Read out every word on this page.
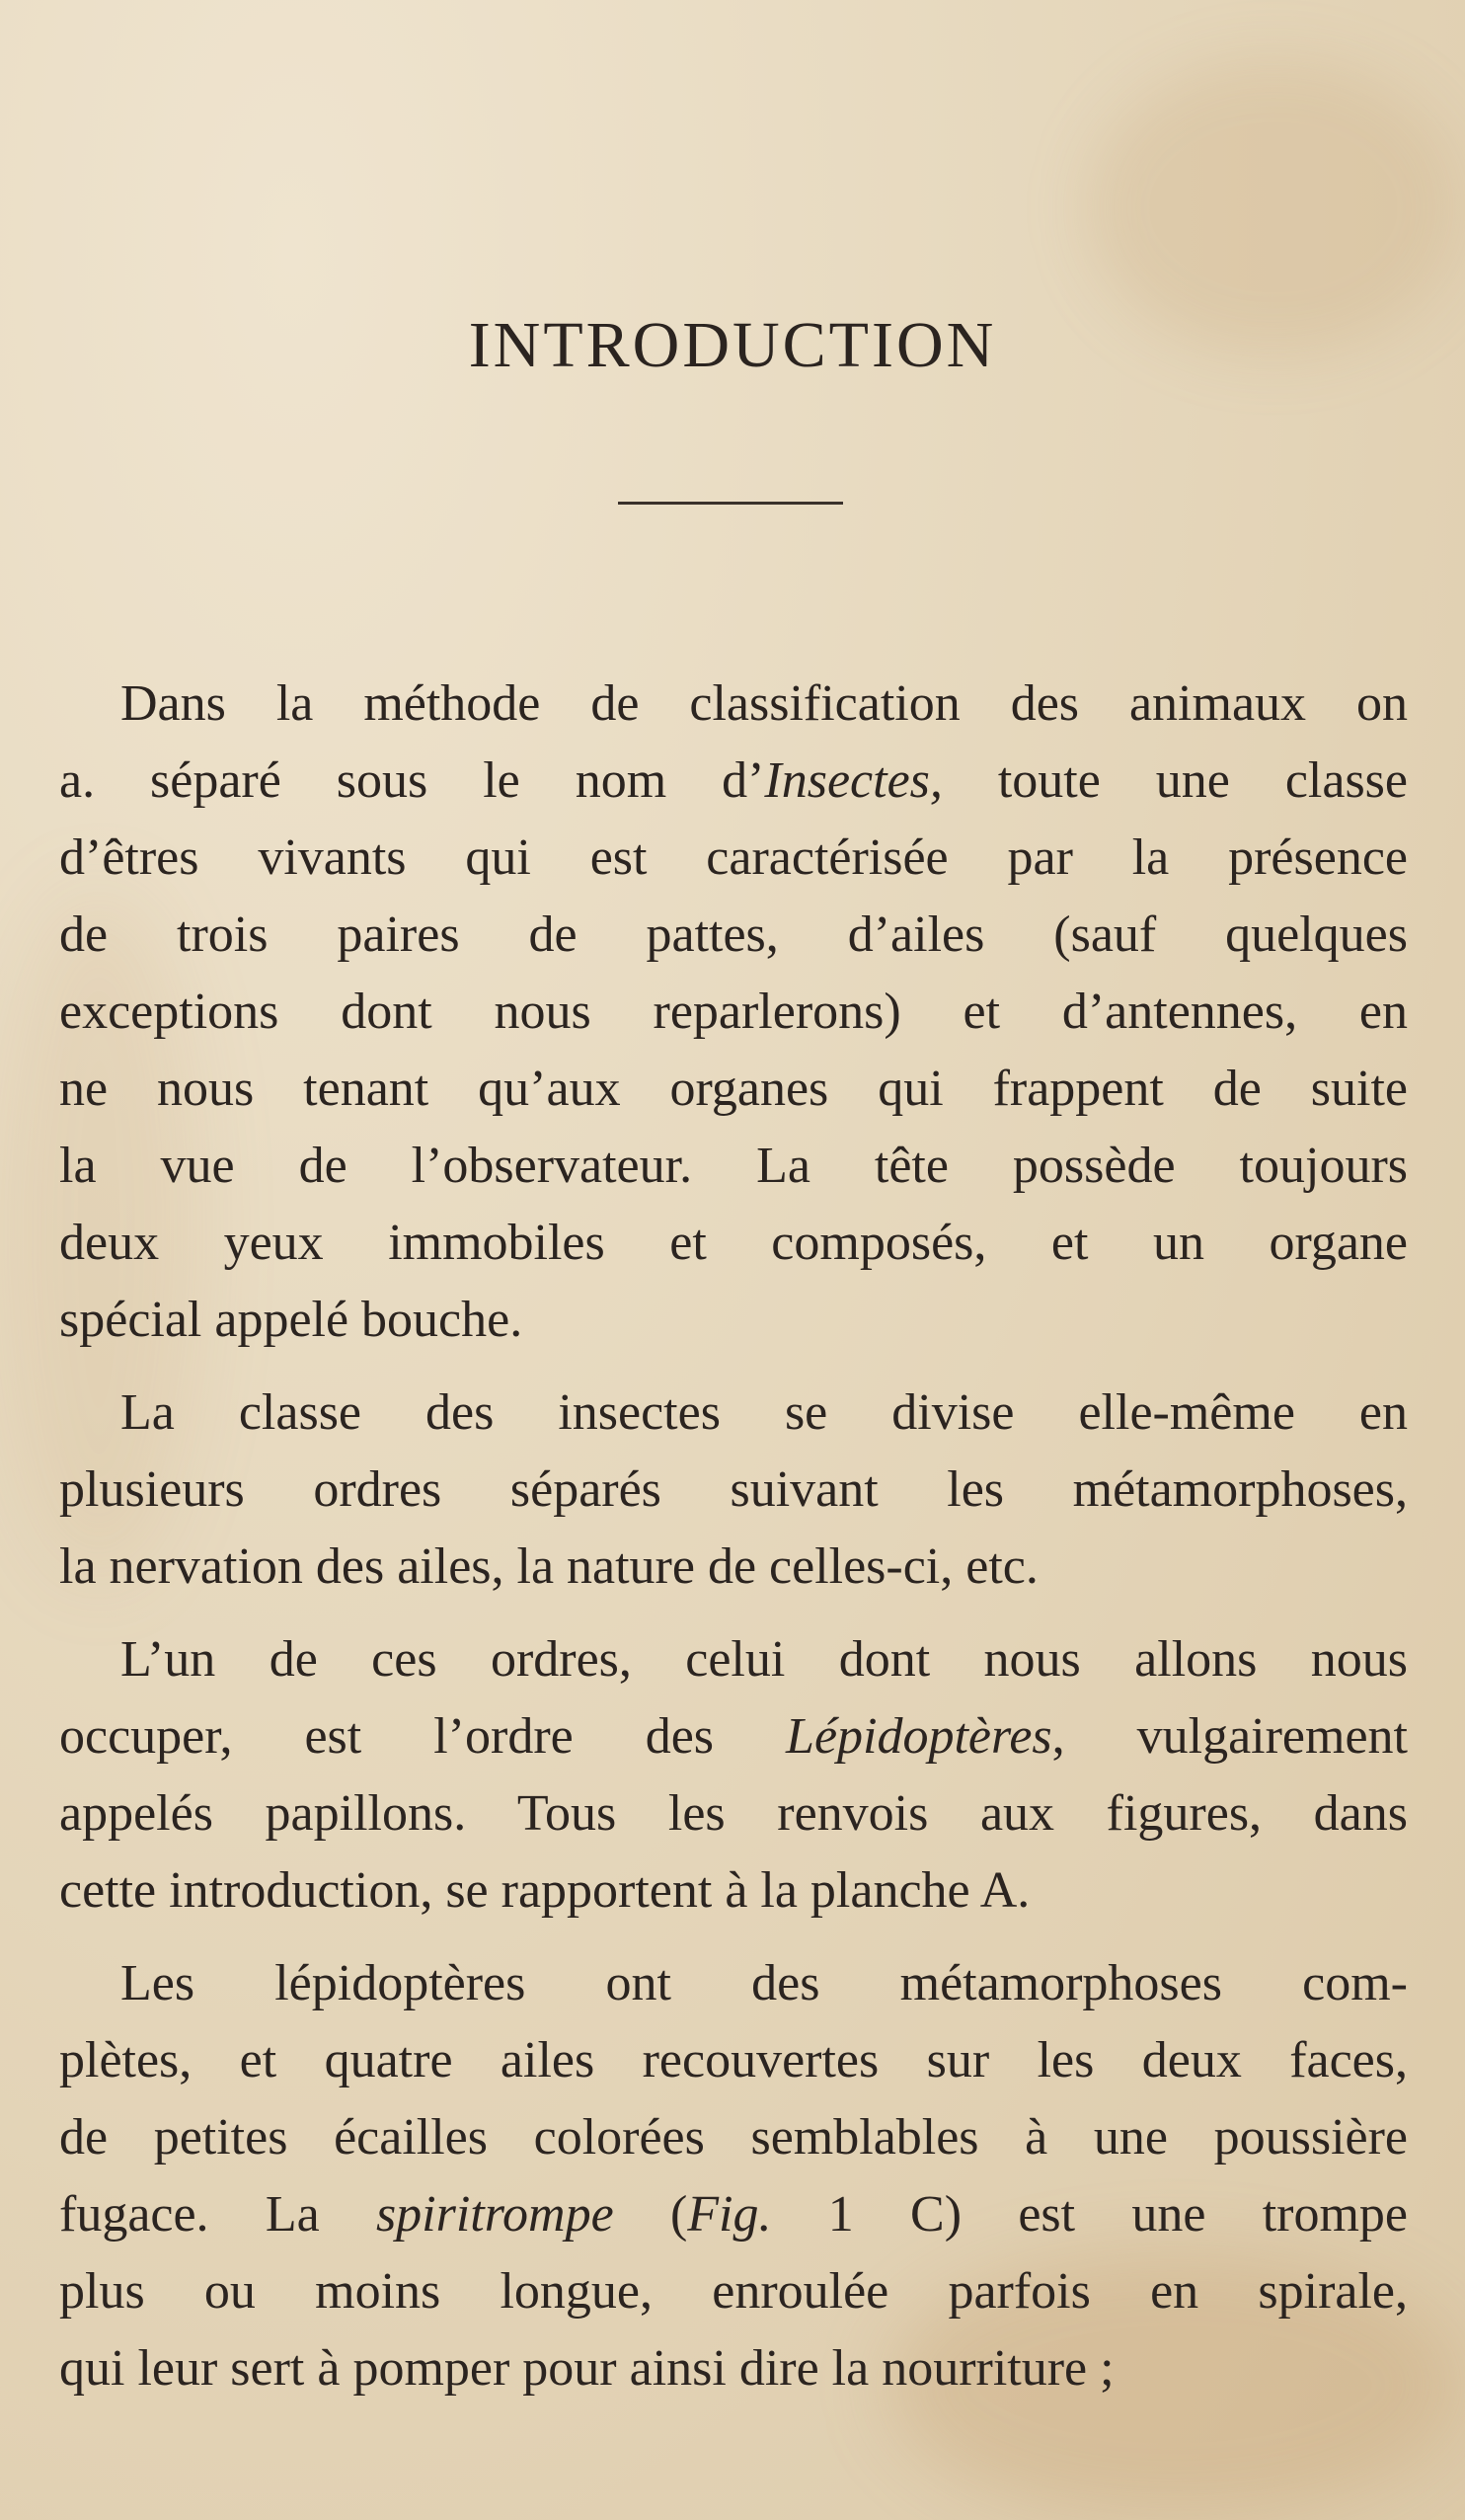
INTRODUCTION
Dans la méthode de classification des animaux on
a. séparé sous le nom d’Insectes, toute une classe
d’êtres vivants qui est caractérisée par la présence
de trois paires de pattes, d’ailes (sauf quelques
exceptions dont nous reparlerons) et d’antennes, en
ne nous tenant qu’aux organes qui frappent de suite
la vue de l’observateur. La tête possède toujours
deux yeux immobiles et composés, et un organe
spécial appelé bouche.
La classe des insectes se divise elle-même en
plusieurs ordres séparés suivant les métamorphoses,
la nervation des ailes, la nature de celles-ci, etc.
L’un de ces ordres, celui dont nous allons nous
occuper, est l’ordre des Lépidoptères, vulgairement
appelés papillons. Tous les renvois aux figures, dans
cette introduction, se rapportent à la planche A.
Les lépidoptères ont des métamorphoses com-
plètes, et quatre ailes recouvertes sur les deux faces,
de petites écailles colorées semblables à une poussière
fugace. La spiritrompe (Fig. 1 C) est une trompe
plus ou moins longue, enroulée parfois en spirale,
qui leur sert à pomper pour ainsi dire la nourriture ;
